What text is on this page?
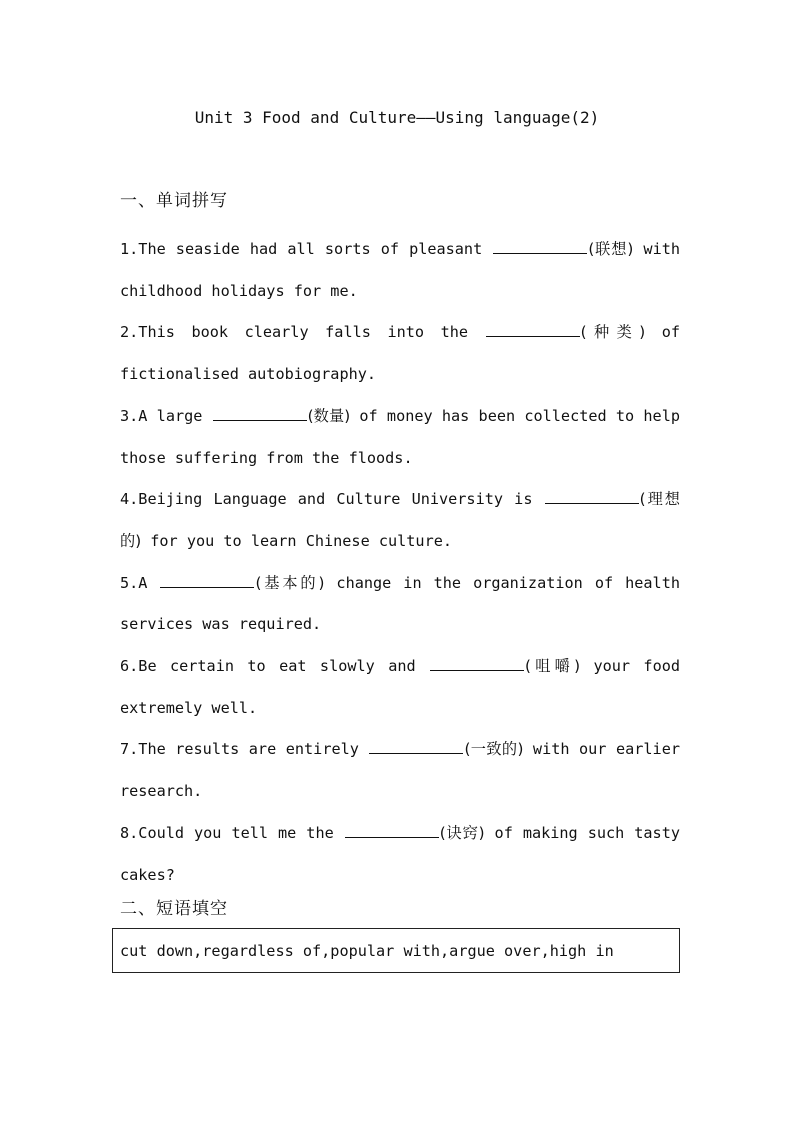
Unit 3 Food and Culture——Using language(2)
一、单词拼写
1.The seaside had all sorts of pleasant	(联想) with childhood holidays for me.
2.This book clearly falls into the	(种类) of fictionalised autobiography.
3.A large	(数量) of money has been collected to help those suffering from the floods.
4.Beijing Language and Culture University is	(理想的) for you to learn Chinese culture.
5.A	(基本的) change in the organization of health services was required.
6.Be certain to eat slowly and	(咀嚼) your food extremely well.
7.The results are entirely	(一致的) with our earlier research.
8.Could you tell me the	(诀窍) of making such tasty cakes?
二、短语填空
cut down,regardless of,popular with,argue over,high in
